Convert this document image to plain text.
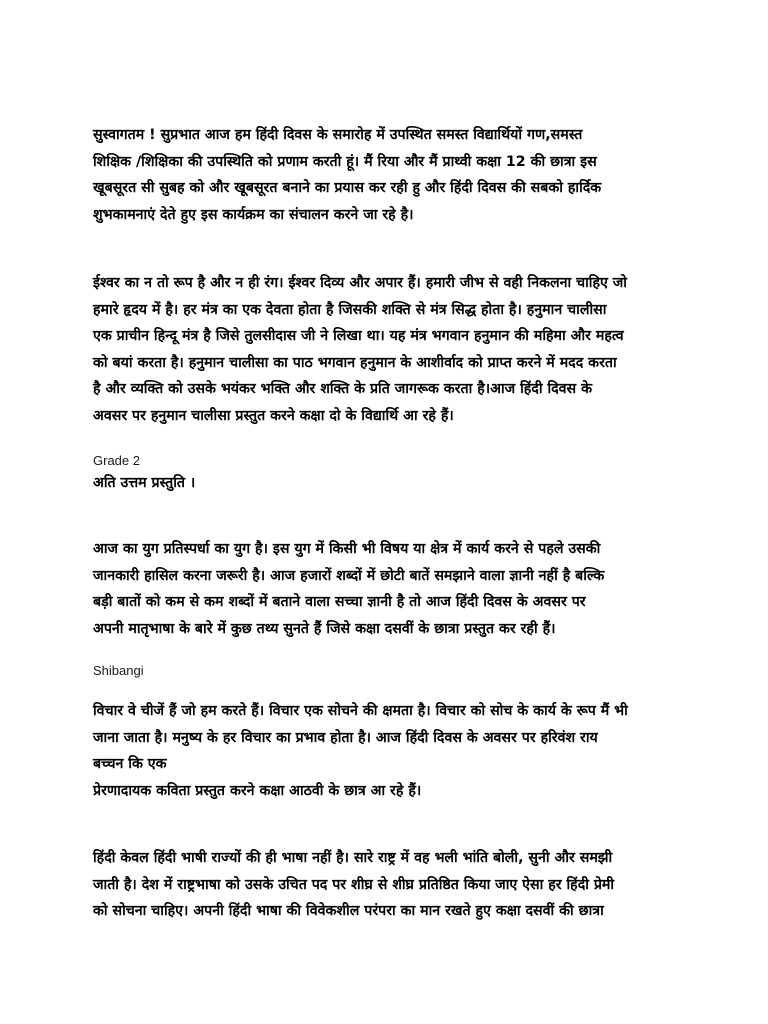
सुस्वागतम ! सुप्रभात आज हम हिंदी दिवस के समारोह में उपस्थित समस्त विद्यार्थियों गण,समस्त
शिक्षिक /शिक्षिका की उपस्थिति को प्रणाम करती हूं। मैं रिया और मैं प्राथ्वी कक्षा 12 की छात्रा इस
खूबसूरत सी सुबह को और खूबसूरत बनाने का प्रयास कर रही हु और हिंदी दिवस की सबको हार्दिक
शुभकामनाएं देते हुए इस कार्यक्रम का संचालन करने जा रहे है।

ईश्वर का न तो रूप है और न ही रंग। ईश्वर दिव्य और अपार हैं। हमारी जीभ से वही निकलना चाहिए जो
हमारे हृदय में है। हर मंत्र का एक देवता होता है जिसकी शक्ति से मंत्र सिद्ध होता है। हनुमान चालीसा
एक प्राचीन हिन्दू मंत्र है जिसे तुलसीदास जी ने लिखा था। यह मंत्र भगवान हनुमान की महिमा और महत्व
को बयां करता है। हनुमान चालीसा का पाठ भगवान हनुमान के आशीर्वाद को प्राप्त करने में मदद करता
है और व्यक्ति को उसके भयंकर भक्ति और शक्ति के प्रति जागरूक करता है।आज हिंदी दिवस के
अवसर पर हनुमान चालीसा प्रस्तुत करने कक्षा दो के विद्यार्थि आ रहे हैं।

Grade 2

अति उत्तम प्रस्तुति ।

आज का युग प्रतिस्पर्धा का युग है। इस युग में किसी भी विषय या क्षेत्र में कार्य करने से पहले उसकी
जानकारी हासिल करना जरूरी है। आज हजारों शब्दों में छोटी बातें समझाने वाला ज्ञानी नहीं है बल्कि
बड़ी बातों को कम से कम शब्दों में बताने वाला सच्चा ज्ञानी है तो आज हिंदी दिवस के अवसर पर
अपनी मातृभाषा के बारे में कुछ तथ्य सुनते हैं जिसे कक्षा दसवीं के छात्रा प्रस्तुत कर रही हैं।

Shibangi

विचार वे चीजें हैं जो हम करते हैं। विचार एक सोचने की क्षमता है। विचार को सोच के कार्य के रूप मैं भी
जाना जाता है। मनुष्य के हर विचार का प्रभाव होता है। आज हिंदी दिवस के अवसर पर हरिवंश राय
बच्चन कि एक
प्रेरणादायक कविता प्रस्तुत करने कक्षा आठवी के छात्र आ रहे हैं।

हिंदी केवल हिंदी भाषी राज्यों की ही भाषा नहीं है। सारे राष्ट्र में वह भली भांति बोली, सुनी और समझी
जाती है। देश में राष्ट्रभाषा को उसके उचित पद पर शीघ्र से शीघ्र प्रतिष्ठित किया जाए ऐसा हर हिंदी प्रेमी
को सोचना चाहिए। अपनी हिंदी भाषा की विवेकशील परंपरा का मान रखते हुए कक्षा दसवीं की छात्रा
